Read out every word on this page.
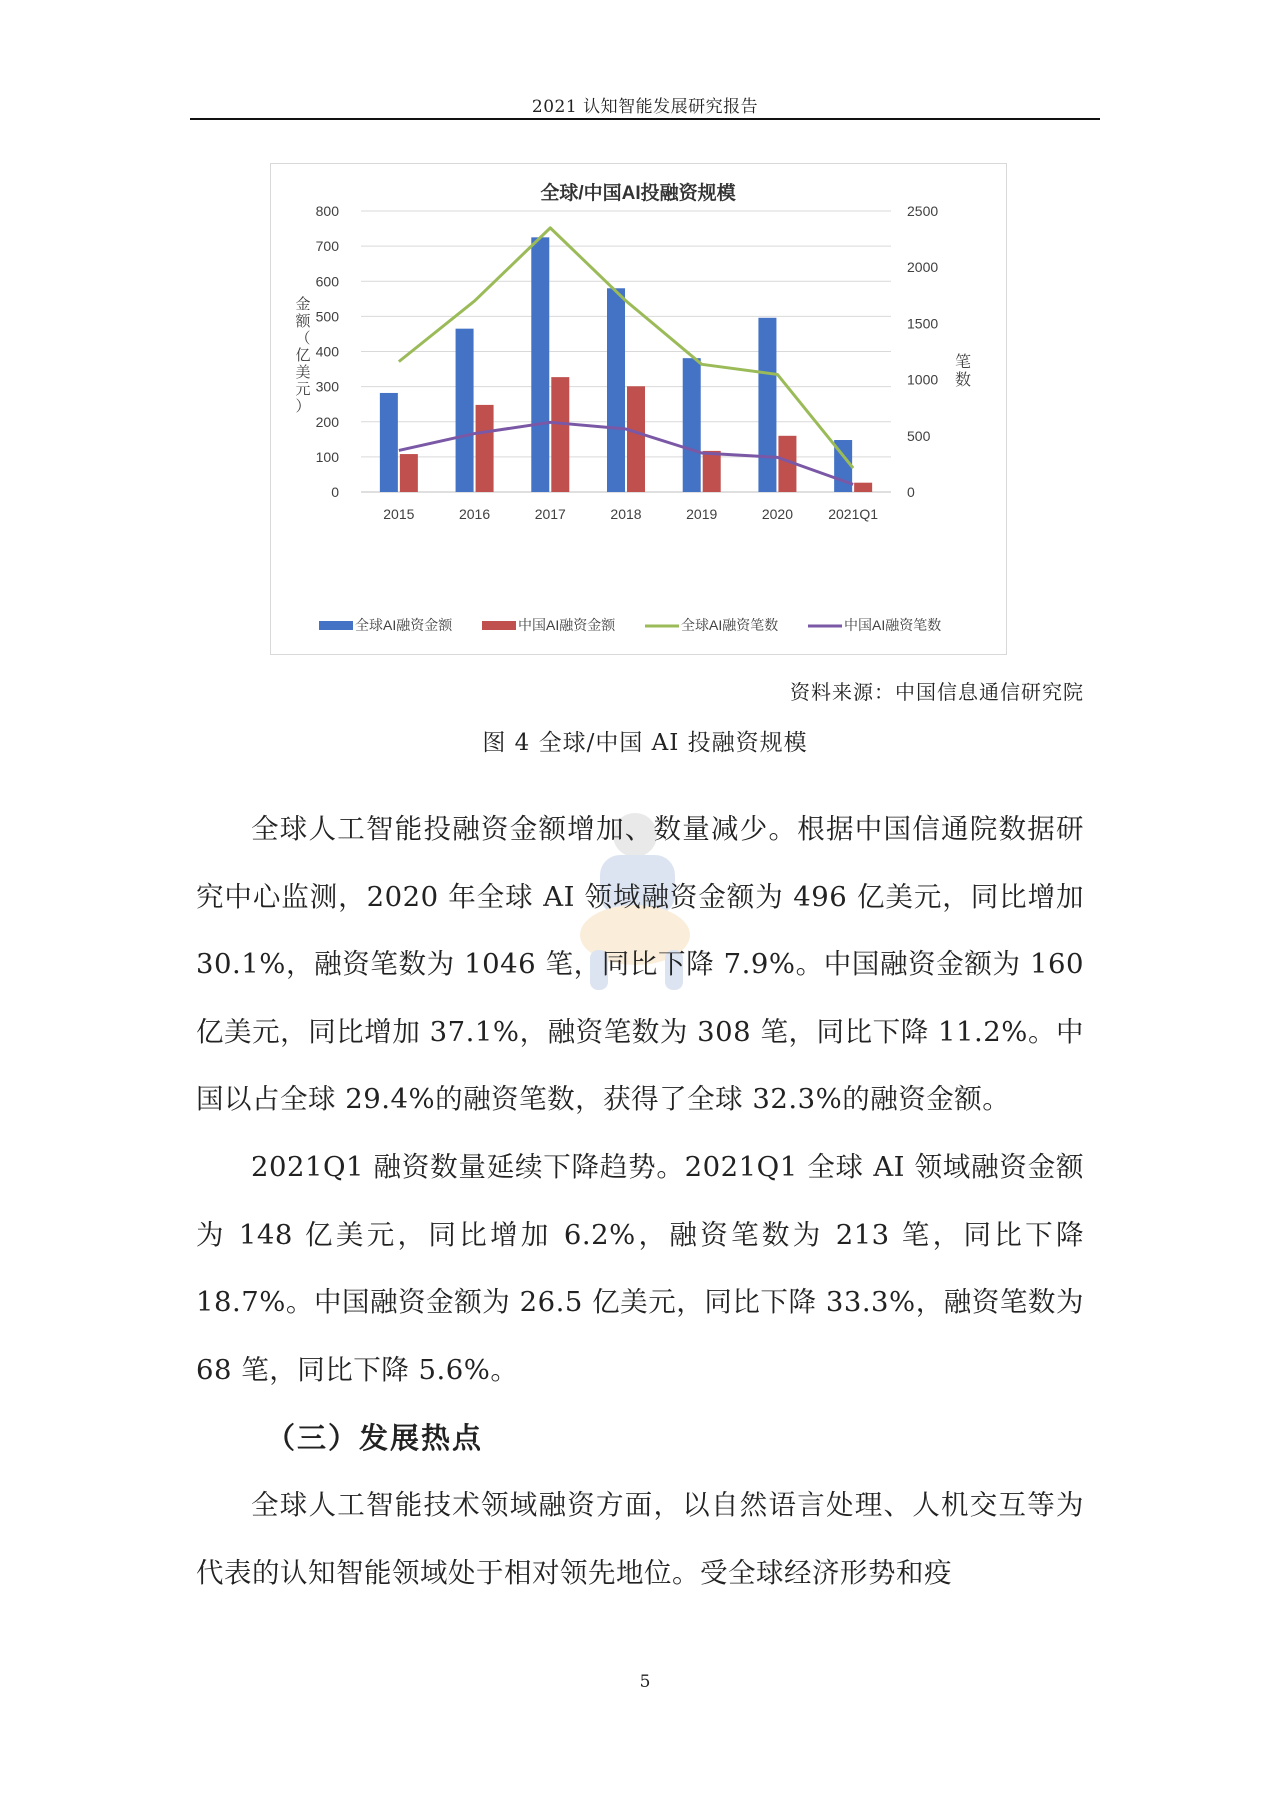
2021 认知智能发展研究报告
全球/中国AI投融资规模
0
100
200
300
400
500
600
700
800
0
500
1000
1500
2000
2500
2015	2016	2017	2018	2019	2020	2021Q1
金
额
（
亿
美
元
）
笔
数
全球AI融资金额	中国AI融资金额	全球AI融资笔数	中国AI融资笔数
资料来源：中国信息通信研究院
图 4 全球/中国 AI 投融资规模
全球人工智能投融资金额增加、数量减少。根据中国信通院数据研究中心监测，2020 年全球 AI 领域融资金额为 496 亿美元，同比增加 30.1%，融资笔数为 1046 笔，同比下降 7.9%。中国融资金额为 160 亿美元，同比增加 37.1%，融资笔数为 308 笔，同比下降 11.2%。中国以占全球 29.4%的融资笔数，获得了全球 32.3%的融资金额。
2021Q1 融资数量延续下降趋势。2021Q1 全球 AI 领域融资金额为 148 亿美元，同比增加 6.2%，融资笔数为 213 笔，同比下降 18.7%。中国融资金额为 26.5 亿美元，同比下降 33.3%，融资笔数为 68 笔，同比下降 5.6%。
（三）发展热点
全球人工智能技术领域融资方面，以自然语言处理、人机交互等为代表的认知智能领域处于相对领先地位。受全球经济形势和疫
5
